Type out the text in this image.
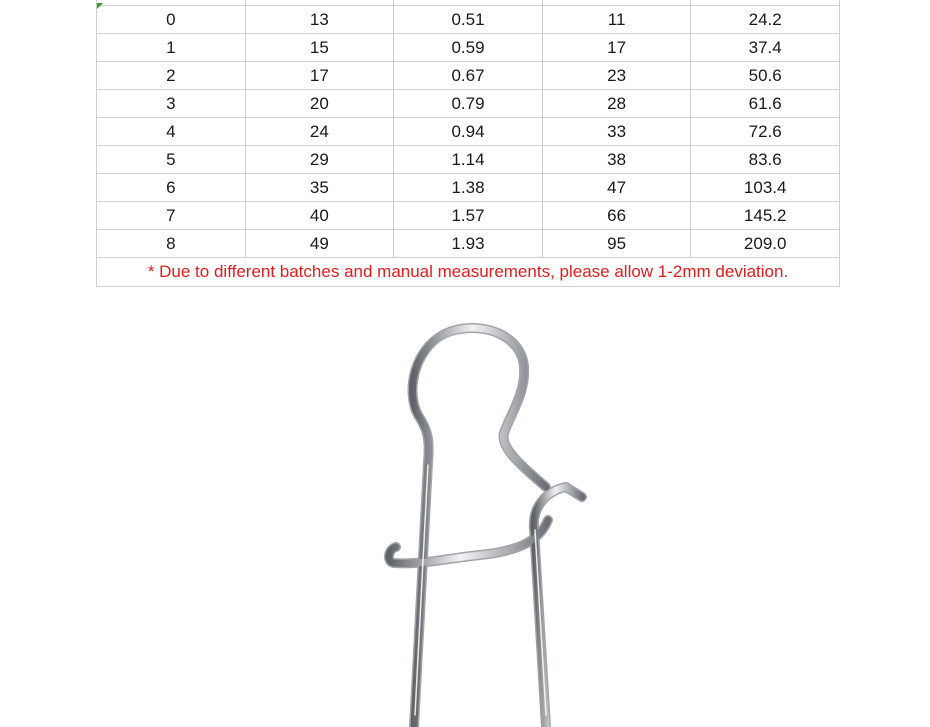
0	13	0.51	11	24.2
1	15	0.59	17	37.4
2	17	0.67	23	50.6
3	20	0.79	28	61.6
4	24	0.94	33	72.6
5	29	1.14	38	83.6
6	35	1.38	47	103.4
7	40	1.57	66	145.2
8	49	1.93	95	209.0
* Due to different batches and manual measurements, please allow 1-2mm deviation.				
